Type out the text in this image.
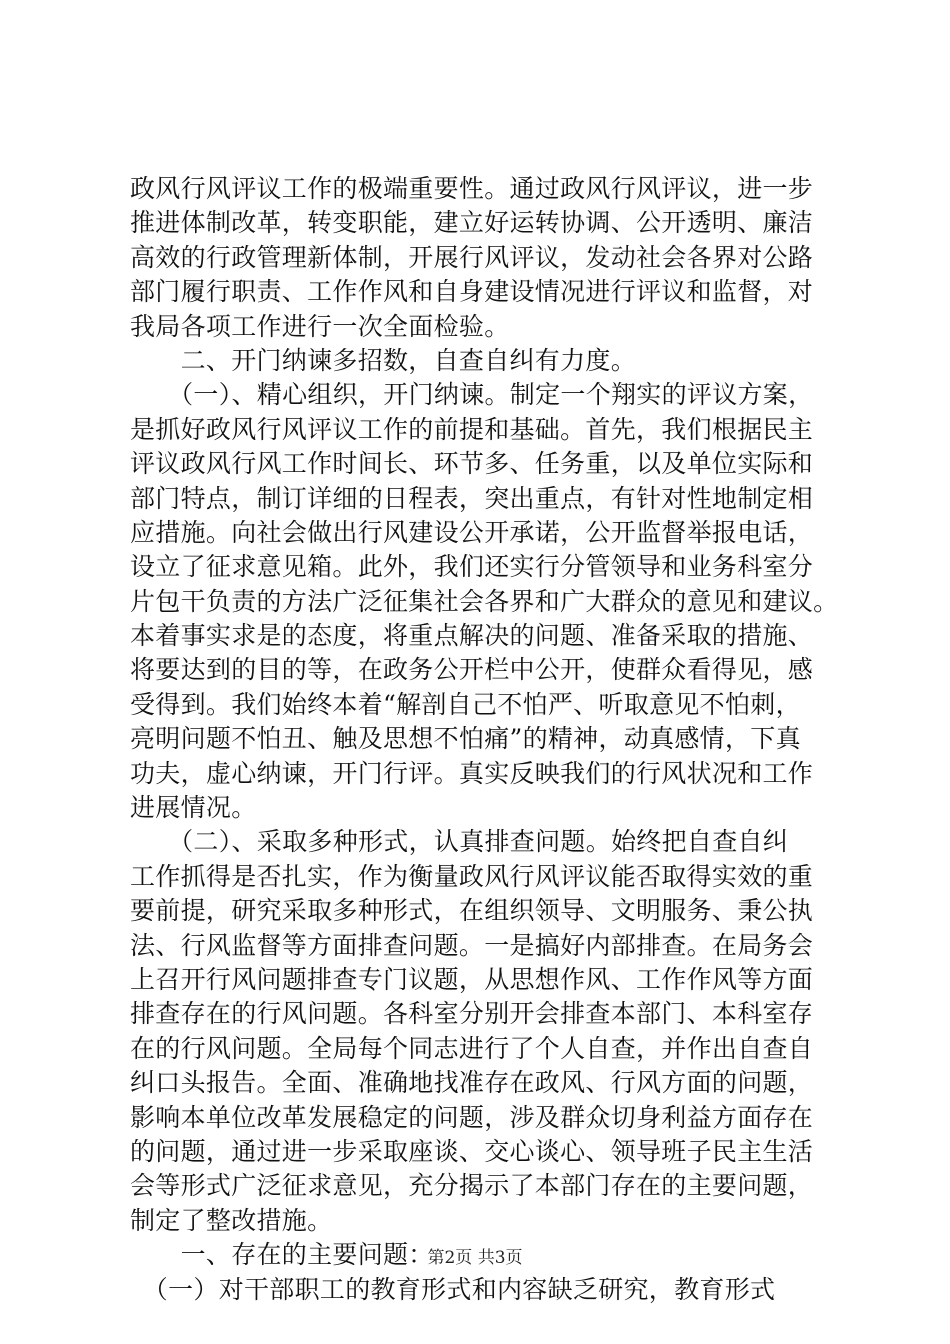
政风行风评议工作的极端重要性。通过政风行风评议，进一步
推进体制改革，转变职能，建立好运转协调、公开透明、廉洁
高效的行政管理新体制，开展行风评议，发动社会各界对公路
部门履行职责、工作作风和自身建设情况进行评议和监督，对
我局各项工作进行一次全面检验。
　　二、开门纳谏多招数，自查自纠有力度。
　　（一）、精心组织，开门纳谏。制定一个翔实的评议方案，
是抓好政风行风评议工作的前提和基础。首先，我们根据民主
评议政风行风工作时间长、环节多、任务重，以及单位实际和
部门特点，制订详细的日程表，突出重点，有针对性地制定相
应措施。向社会做出行风建设公开承诺，公开监督举报电话，
设立了征求意见箱。此外，我们还实行分管领导和业务科室分
片包干负责的方法广泛征集社会各界和广大群众的意见和建议。
本着事实求是的态度，将重点解决的问题、准备采取的措施、
将要达到的目的等，在政务公开栏中公开，使群众看得见，感
受得到。我们始终本着“解剖自己不怕严、听取意见不怕刺，
亮明问题不怕丑、触及思想不怕痛”的精神，动真感情，下真
功夫，虚心纳谏，开门行评。真实反映我们的行风状况和工作
进展情况。
　　（二）、采取多种形式，认真排查问题。始终把自查自纠
工作抓得是否扎实，作为衡量政风行风评议能否取得实效的重
要前提，研究采取多种形式，在组织领导、文明服务、秉公执
法、行风监督等方面排查问题。一是搞好内部排查。在局务会
上召开行风问题排查专门议题，从思想作风、工作作风等方面
排查存在的行风问题。各科室分别开会排查本部门、本科室存
在的行风问题。全局每个同志进行了个人自查，并作出自查自
纠口头报告。全面、准确地找准存在政风、行风方面的问题，
影响本单位改革发展稳定的问题，涉及群众切身利益方面存在
的问题，通过进一步采取座谈、交心谈心、领导班子民主生活
会等形式广泛征求意见，充分揭示了本部门存在的主要问题，
制定了整改措施。
　　一、存在的主要问题：
　（一）对干部职工的教育形式和内容缺乏研究，教育形式
第2页 共3页
